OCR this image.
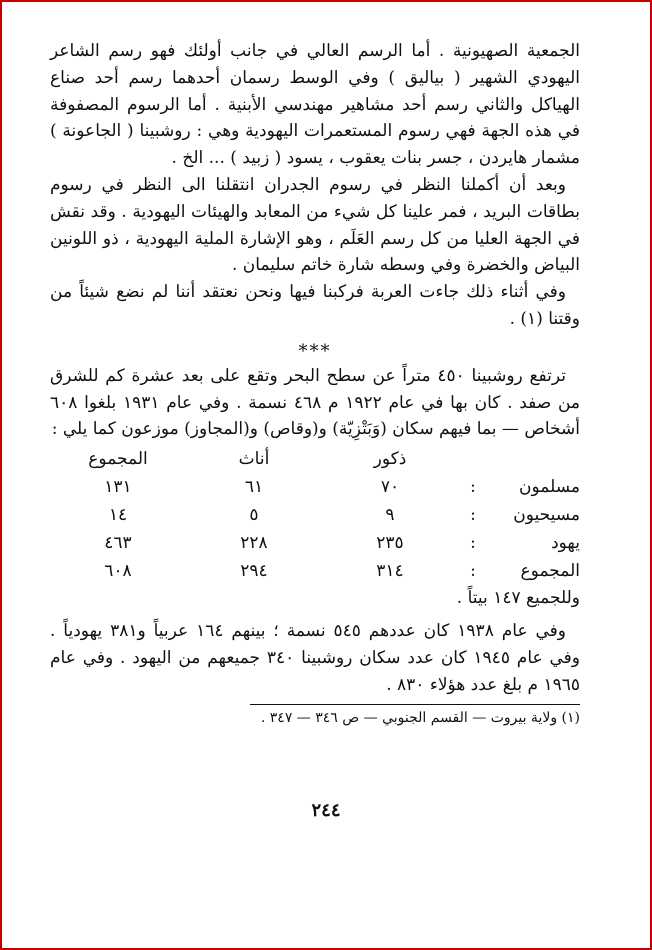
الجمعية الصهيونية . أما الرسم العالي في جانب أولئك فهو رسم الشاعر اليهودي الشهير ( بياليق ) وفي الوسط رسمان أحدهما رسم أحد صناع الهياكل والثاني رسم أحد مشاهير مهندسي الأبنية . أما الرسوم المصفوفة في هذه الجهة فهي رسوم المستعمرات اليهودية وهي : روشبينا ( الجاعونة ) مشمار هايردن ، جسر بنات يعقوب ، يسود ( زبيد ) ... الخ .

وبعد أن أكملنا النظر في رسوم الجدران انتقلنا الى النظر في رسوم بطاقات البريد ، فمر علينا كل شيء من المعابد والهيئات اليهودية . وقد نقش في الجهة العليا من كل رسم العَلَم ، وهو الإشارة الملية اليهودية ، ذو اللونين البياض والخضرة وفي وسطه شارة خاتم سليمان .

وفي أثناء ذلك جاءت العربة فركبنا فيها ونحن نعتقد أننا لم نضع شيئاً من وقتنا (١) .

***

ترتفع روشبينا ٤٥٠ متراً عن سطح البحر وتقع على بعد عشرة كم للشرق من صفد . كان بها في عام ١٩٢٢ م ٤٦٨ نسمة . وفي عام ١٩٣١ بلغوا ٦٠٨ أشخاص — بما فيهم سكان (وَبَتْزِيّة) و(وقاص) و(المجاوز) موزعون كما يلي :

		ذكور	أناث	المجموع
مسلمون	:	٧٠	٦١	١٣١
مسيحيون	:	٩	٥	١٤
يهود	:	٢٣٥	٢٢٨	٤٦٣
المجموع	:	٣١٤	٢٩٤	٦٠٨

وللجميع ١٤٧ بيتاً .

وفي عام ١٩٣٨ كان عددهم ٥٤٥ نسمة ؛ بينهم ١٦٤ عربياً و٣٨١ يهودياً . وفي عام ١٩٤٥ كان عدد سكان روشبينا ٣٤٠ جميعهم من اليهود . وفي عام ١٩٦٥ م بلغ عدد هؤلاء ٨٣٠ .

(١) ولاية بيروت — القسم الجنوبي — ص ٣٤٦ — ٣٤٧ .

٢٤٤
